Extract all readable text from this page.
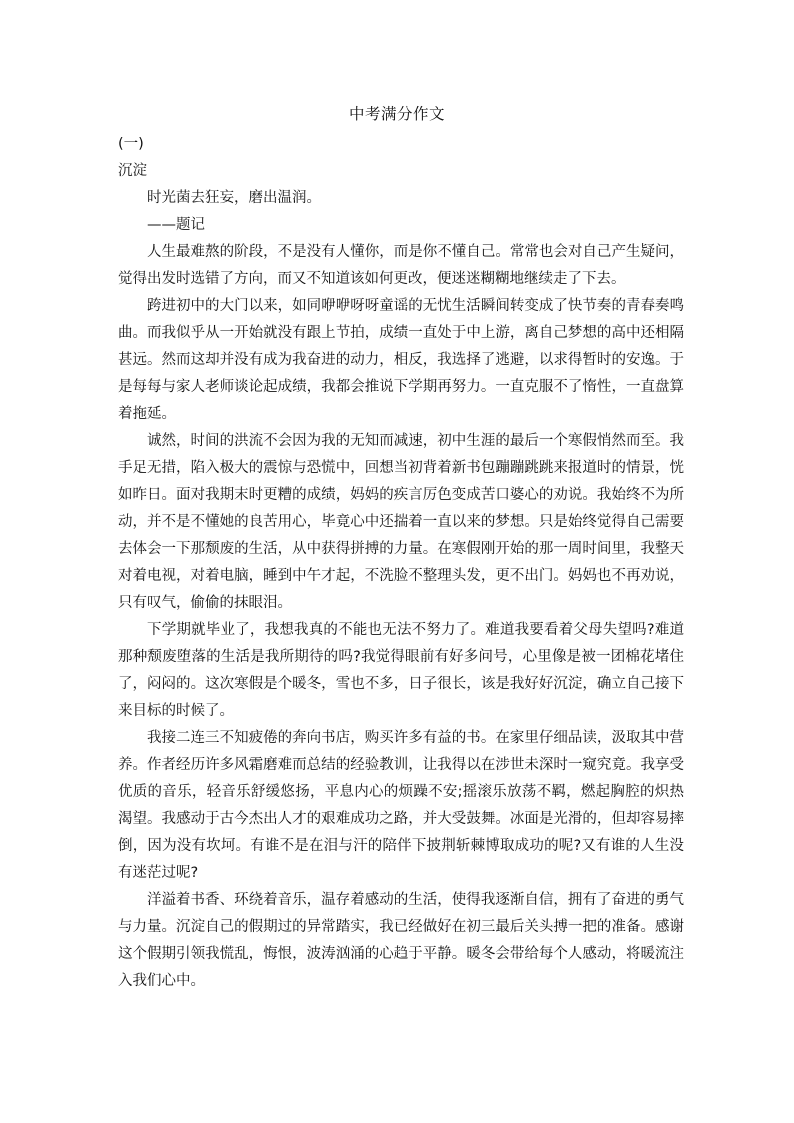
中考满分作文

(一)

沉淀

时光菌去狂妄，磨出温润。

——题记

人生最难熬的阶段，不是没有人懂你，而是你不懂自己。常常也会对自己产生疑问，觉得出发时选错了方向，而又不知道该如何更改，便迷迷糊糊地继续走了下去。

跨进初中的大门以来，如同咿咿呀呀童谣的无忧生活瞬间转变成了快节奏的青春奏鸣曲。而我似乎从一开始就没有跟上节拍，成绩一直处于中上游，离自己梦想的高中还相隔甚远。然而这却并没有成为我奋进的动力，相反，我选择了逃避，以求得暂时的安逸。于是每每与家人老师谈论起成绩，我都会推说下学期再努力。一直克服不了惰性，一直盘算着拖延。

诚然，时间的洪流不会因为我的无知而减速，初中生涯的最后一个寒假悄然而至。我手足无措，陷入极大的震惊与恐慌中，回想当初背着新书包蹦蹦跳跳来报道时的情景，恍如昨日。面对我期末时更糟的成绩，妈妈的疾言厉色变成苦口婆心的劝说。我始终不为所动，并不是不懂她的良苦用心，毕竟心中还揣着一直以来的梦想。只是始终觉得自己需要去体会一下那颓废的生活，从中获得拼搏的力量。在寒假刚开始的那一周时间里，我整天对着电视，对着电脑，睡到中午才起，不洗脸不整理头发，更不出门。妈妈也不再劝说，只有叹气，偷偷的抹眼泪。

下学期就毕业了，我想我真的不能也无法不努力了。难道我要看着父母失望吗?难道那种颓废堕落的生活是我所期待的吗?我觉得眼前有好多问号，心里像是被一团棉花堵住了，闷闷的。这次寒假是个暖冬，雪也不多，日子很长，该是我好好沉淀，确立自己接下来目标的时候了。

我接二连三不知疲倦的奔向书店，购买许多有益的书。在家里仔细品读，汲取其中营养。作者经历许多风霜磨难而总结的经验教训，让我得以在涉世未深时一窥究竟。我享受优质的音乐，轻音乐舒缓悠扬，平息内心的烦躁不安;摇滚乐放荡不羁，燃起胸腔的炽热渴望。我感动于古今杰出人才的艰难成功之路，并大受鼓舞。冰面是光滑的，但却容易摔倒，因为没有坎坷。有谁不是在泪与汗的陪伴下披荆斩棘博取成功的呢?又有谁的人生没有迷茫过呢?

洋溢着书香、环绕着音乐，温存着感动的生活，使得我逐渐自信，拥有了奋进的勇气与力量。沉淀自己的假期过的异常踏实，我已经做好在初三最后关头搏一把的准备。感谢这个假期引领我慌乱，悔恨，波涛汹涌的心趋于平静。暖冬会带给每个人感动，将暖流注入我们心中。
